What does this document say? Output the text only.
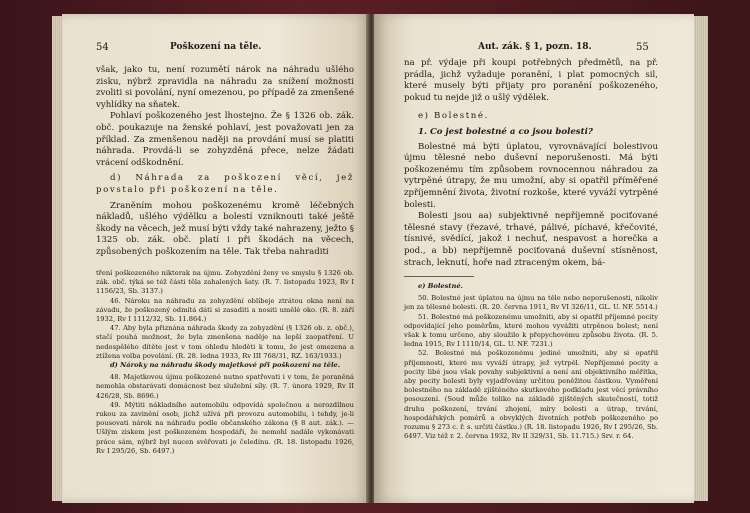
54	Poškození na těle.

však, jako tu, není rozumětí nárok na náhradu ušlého zisku, nýbrž zpravidla na náhradu za snížení možnosti zvoliti si povolání, nyní omezenou, po případě za zmenšené vyhlídky na sňatek.

Pohlaví poškozeného jest lhostejno. Že § 1326 ob. zák. obč. poukazuje na ženské pohlaví, jest považovati jen za příklad. Za zmenšenou naději na provdání musí se platiti náhrada. Provdá-li se zohyzděná přece, nelze žádati vrácení odškodnění.

d) Náhrada za poškození věcí, jež povstalo při poškození na těle.

Zraněním mohou poškozenému kromě léčebných nákladů, ušlého výdělku a bolestí vzniknouti také ještě škody na věcech, jež musí býti vždy také nahrazeny, ježto § 1325 ob. zák. obč. platí i při škodách na věcech, způsobených poškozením na těle. Tak třeba nahraditi

tření poškozeného nikterak na újmu. Zohyzdění ženy ve smyslu § 1326 ob. zák. obč. týká se též části těla zahalených šaty. (R. 7. listopadu 1923, Rv I 1156/23, Sb. 3137.)

46. Nároku na náhradu za zohyzdění oblíbeje ztrátou okna není na závadu, že poškozený odmítá dáti si zasaditi a nositi umělé oko. (R. 8. září 1932, Rv I 1112/32, Sb. 11.864.)

47. Aby byla přiznána náhrada škody za zohyzdění (§ 1326 ob. z. obč.), stačí pouhá možnost, že byla zmenšena naděje na lepší zaopatření. U nedospělého dítěte jest v tom ohledu hleděti k tomu, že jest omezena a ztížena volba povolání. (R. 28. ledna 1933, Rv III 768/31, RZ. 163/1933.)

d) Nároky na náhradu škody majetkové při poškození na těle.

48. Majetkovou újmu poškozené nutno spatřovati i v tom, že poraněná nemohla obstarávati domácnost bez služební síly. (R. 7. února 1929, Rv II 426/28, Sb. 8696.)

49. Mýtiti nákladního automobilu odpovídá společnou a nerozdílnou rukou za zavinění osob, jichž užívá při provozu automobilu, i tehdy, je-li pousovati nárok na náhradu podle občanského zákona (§ 8 aut. zák.). — Ušlým ziskem jest poškozeném hospodáři, že nemohl nadále vykonávati práce sám, nýbrž byl nucen svěřovati je čeledínu. (R. 18. listopadu 1926, Rv I 295/26, Sb. 6497.)

Aut. zák. § 1, pozn. 18.	55

na př. výdaje při koupi potřebných předmětů, na př. prádla, jichž vyžaduje poranění, i plat pomocných sil, které musely býti přijaty pro poranění poškozeného, pokud tu nejde již o ušlý výdělek.

e) Bolestné.

1. Co jest bolestné a co jsou bolesti?

Bolestné má býti úplatou, vyrovnávající bolestivou újmu tělesné nebo duševní neporušenosti. Má býti poškozenému tím způsobem rovnocennou náhradou za vytrpěné útrapy, že mu umožní, aby si opatřil příměřené zpříjemnění života, životní rozkoše, které vyváží vytrpěné bolesti.

Bolesti jsou aa) subjektivně nepříjemně pociťované tělesné stavy (řezavé, trhavé, pálivé, píchavé, křečovité, tísnivé, svědící, jakož i nechuť, nespavost a horečka a pod., a bb) nepříjemně pociťovaná duševní stísněnost, strach, leknutí, hoře nad ztraceným okem, bá-

e) Bolestné.

50. Bolestné jest úplatou na újmu na těle nebo neporušenosti, nikoliv jen za tělesné bolesti. (R. 20. června 1911, Rv VI 326/11, GL. U. NF. 5514.)

51. Bolestné má poškozenému umožniti, aby si opatřil příjemné pocity odpovídající jeho poměrům, které mohou vyvážiti utrpěnou bolest; není však k tomu určeno, aby sloužilo k přepychovému způsobu života. (R. 5. ledna 1915, Rv I 1110/14, GL. U. NF. 7231.)

52. Bolestné má poškozenému jediné umožniti, aby si opatřil příjemnosti, které mu vyváží útrapy, jež vytrpěl. Nepříjemné pocity a pocity libé jsou však povahy subjektivní a není ani objektivního měřítka, aby pocity bolesti byly vyjadřovány určitou peněžitou částkou. Vyměření bolestného na základě zjištěného skutkového podkladu jest věcí právního posouzení. (Soud může toliko na základě zjištěných skutečností, totiž druhu poškození, trvání zhojení, míry bolesti a útrap, trvání, hospodářských poměrů a obvyklých životních potřeb poškozeného po rozumu § 273 c. ř. s. určiti částku.) (R. 18. listopadu 1926, Rv I 295/26, Sb. 6497. Viz též r. 2. června 1932, Rv II 329/31, Sb. 11.715.) Srv. r. 64.
